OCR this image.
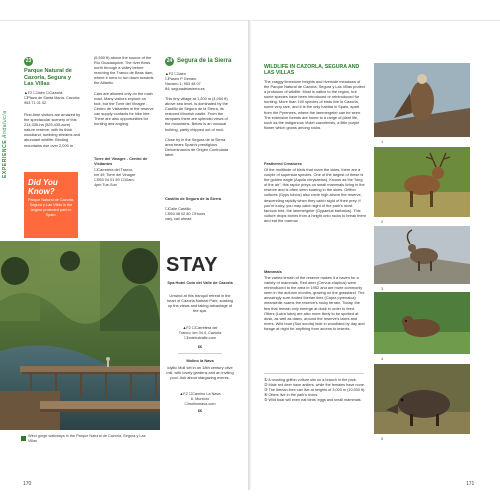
EXPERIENCE Andalucía
23
Parque Natural de Cazorla, Segura y Las Villas
▲F2 ☐Jaén ☐Cazorla
☐Plaza de Santa María, Cazorla; 953 71 01 02
First-time visitors are amazed by the spectacular scenery of this 214,336-ha (529,435-acre) nature reserve, with its thick woodland, tumbling streams and abundant wildlife. Binding mountains rise over 2,000 m
Did You Know?

Parque Natural de Cazorla, Segura y Las Villas is the largest protected park in Spain.

(6,500 ft) above the source of the Río Guadalquivir. The river flows north through a valley before reaching the Tranco de Beas dam, where it turns to run down towards the Atlantic.

Cars are allowed only on the main road. Many visitors explore on foot, but the Torre del Vinagre - Centro de Visitantes in the reserve can supply contacts for hike hire. There are also opportunities for hunting and angling.
Torre del Vinagre - Centro de Visitantes
☐Carretera del Tranco,
km 49, Torre del Vinagre
☐953 04 01 59 ☐10am-
4pm Tue-Sun
24 Segura de la Sierra
▲F2 ☐Jaén
☐Paseo P Genaro
Navarro 1; 953 48 07
84; seguradelasierra.es
This tiny village at 1,200 m (4,000 ft) above sea level, is dominated by the Castillo de Segura de la Sierra, its restored Moorish castle. From the ramparts there are splendid views of the mountains. Below is an unusual bullring, partly chipped out of rock.

Close by in the Segura de la Sierra area bears Spain's prestigious Denominación de Origen Controlada label.
Castillo de Segura de la Sierra
☐Calle Castillo
☐953 48 02 80 ☐Hours
vary, call ahead
STAY
Spa Hotel Coto del Valle de Cazorla
Unwind at this tranquil retreat in the heart of Cazorla Natural Park, soaking up the views and taking advantage of the spa.
▲F2 ☐Carretera del
Tranco, km 34.4, Cazorla
☐hotelcdvalle.com
€€
Molino la Nava
Idyllic Moll set in an 18th century olive mill, with lovely gardens and an inviting pool. Ask about stargazing events.
▲F2 ☐Camino La Nava
6, Montoro
☐molinonava.com
€€
Wind gorge walkways in the Parque Natural de Cazorla, Segura y Las Villas
170
WILDLIFE IN CAZORLA, SEGURA AND LAS VILLAS
The craggy limestone heights and riverside meadows of the Parque Natural de Cazorla, Segura y Las Villas protect a profusion of wildlife. Most is native to the region, but some species have been introduced or reintroduced for hunting. More than 100 species of birds live in Cazorla, some very rare, and it is the only habitat in Spain, apart from the Pyrenees, where the lammergeier can be seen. The extensive forests are home to a range of plant life, such as the indigenous Violet cazorlensis, a little purple flower which grows among rocks.
Feathered Creatures
Of the multitude of birds that roam the skies, there are a couple of superstar species. One of the largest of these is the golden eagle (Aquila chrysaetos). Known as the "king of the air", this raptor preys on small mammals living in the reserve and is often seen soaring in the skies. Griffon vultures (Gyps fulvus) also circle high above the reserve, descending rapidly when they catch sight of their prey. If you're lucky, you may catch sight of the park's most famous bird, the lammergeier (Gypaetus barbatus). This vulture drops bones from a height onto rocks to break them and eat the marrow.
Mammals
The varied terrain of the reserve makes it a haven for a variety of mammals. Red deer (Cervus elaphus) were reintroduced to the area in 1952 and are more commonly seen in the autumn months, grazing on the grassland. The amazingly sure-footed Iberian ibex (Capra pyrenaica) meanwhile roams the reserve's rocky terrain. Today, the few that remain only emerge at dusk in order to feed. Otters (Lutra lutra) are also more likely to be spotted at dusk, as well as dawn, around the reserve's lakes and rivers. Wild boar (Sus scrofa) hide in woodland by day and forage at night for anything from acorns to insects.
① A roosting griffon vulture sits on a branch in the park.
② Male red deer have antlers, while the females have none.
③ The Iberian ibex can live at heights of 3,000 m (10,000 ft).
④ Otters live in the park's rivers.
⑤ Wild boar will even eat birds' eggs and small mammals.
1
2
3
4
5
171
